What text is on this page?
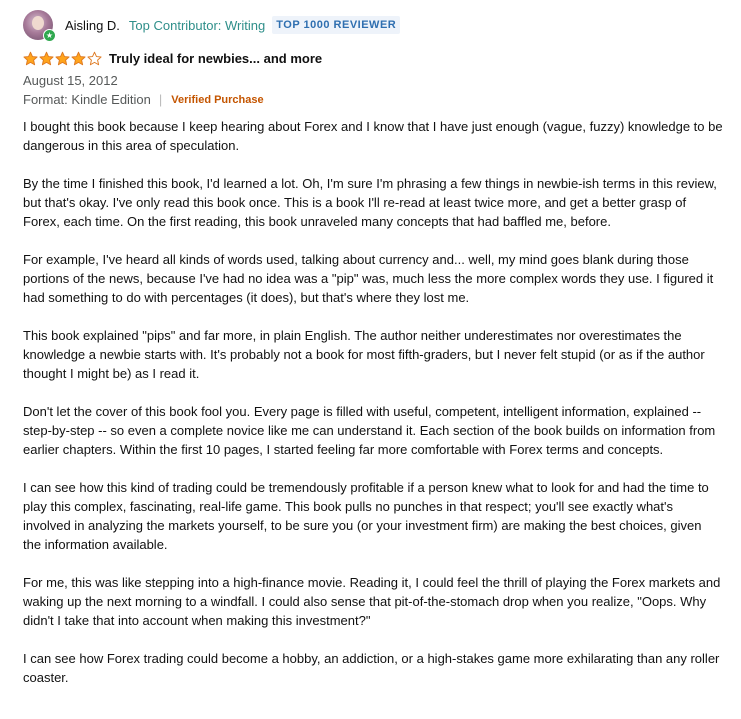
★
Aisling D. Top Contributor: Writing	TOP 1000 REVIEWER
Truly ideal for newbies... and more
August 15, 2012
Format: Kindle Edition | Verified Purchase

I bought this book because I keep hearing about Forex and I know that I have just enough (vague, fuzzy) knowledge to be dangerous in this area of speculation.

By the time I finished this book, I'd learned a lot. Oh, I'm sure I'm phrasing a few things in newbie-ish terms in this review, but that's okay. I've only read this book once. This is a book I'll re-read at least twice more, and get a better grasp of Forex, each time. On the first reading, this book unraveled many concepts that had baffled me, before.

For example, I've heard all kinds of words used, talking about currency and... well, my mind goes blank during those portions of the news, because I've had no idea was a "pip" was, much less the more complex words they use. I figured it had something to do with percentages (it does), but that's where they lost me.

This book explained "pips" and far more, in plain English. The author neither underestimates nor overestimates the knowledge a newbie starts with. It's probably not a book for most fifth-graders, but I never felt stupid (or as if the author thought I might be) as I read it.

Don't let the cover of this book fool you. Every page is filled with useful, competent, intelligent information, explained -- step-by-step -- so even a complete novice like me can understand it. Each section of the book builds on information from earlier chapters. Within the first 10 pages, I started feeling far more comfortable with Forex terms and concepts.

I can see how this kind of trading could be tremendously profitable if a person knew what to look for and had the time to play this complex, fascinating, real-life game. This book pulls no punches in that respect; you'll see exactly what's involved in analyzing the markets yourself, to be sure you (or your investment firm) are making the best choices, given the information available.

For me, this was like stepping into a high-finance movie. Reading it, I could feel the thrill of playing the Forex markets and waking up the next morning to a windfall. I could also sense that pit-of-the-stomach drop when you realize, "Oops. Why didn't I take that into account when making this investment?"

I can see how Forex trading could become a hobby, an addiction, or a high-stakes game more exhilarating than any roller coaster.
